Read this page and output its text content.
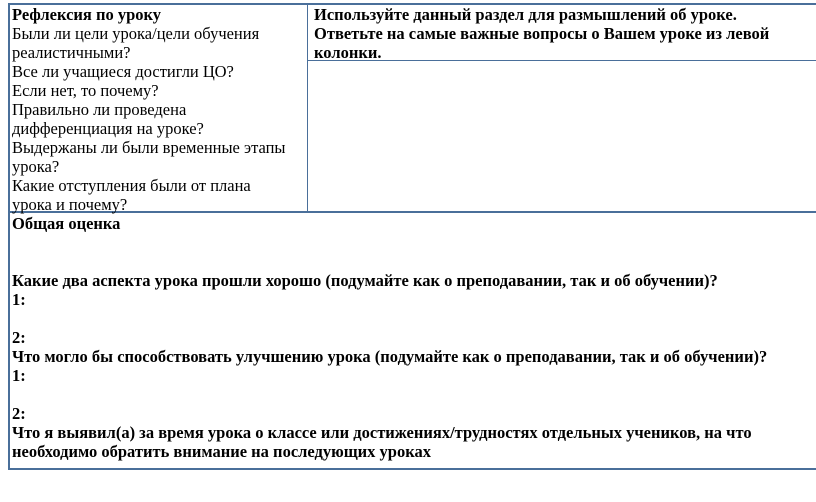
Рефлексия по уроку
Были ли цели урока/цели обучения
реалистичными?
Все ли учащиеся достигли ЦО?
Если нет, то почему?
Правильно ли проведена
дифференциация на уроке?
Выдержаны ли были временные этапы
урока?
Какие отступления были от плана
урока и почему?
Используйте данный раздел для размышлений об уроке.
Ответьте на самые важные вопросы о Вашем уроке из левой
колонки.
Общая оценка
Какие два аспекта урока прошли хорошо (подумайте как о преподавании, так и об обучении)?
1:
2:
Что могло бы способствовать улучшению урока (подумайте как о преподавании, так и об обучении)?
1:
2:
Что я выявил(а) за время урока о классе или достижениях/трудностях отдельных учеников, на что
необходимо обратить внимание на последующих уроках
